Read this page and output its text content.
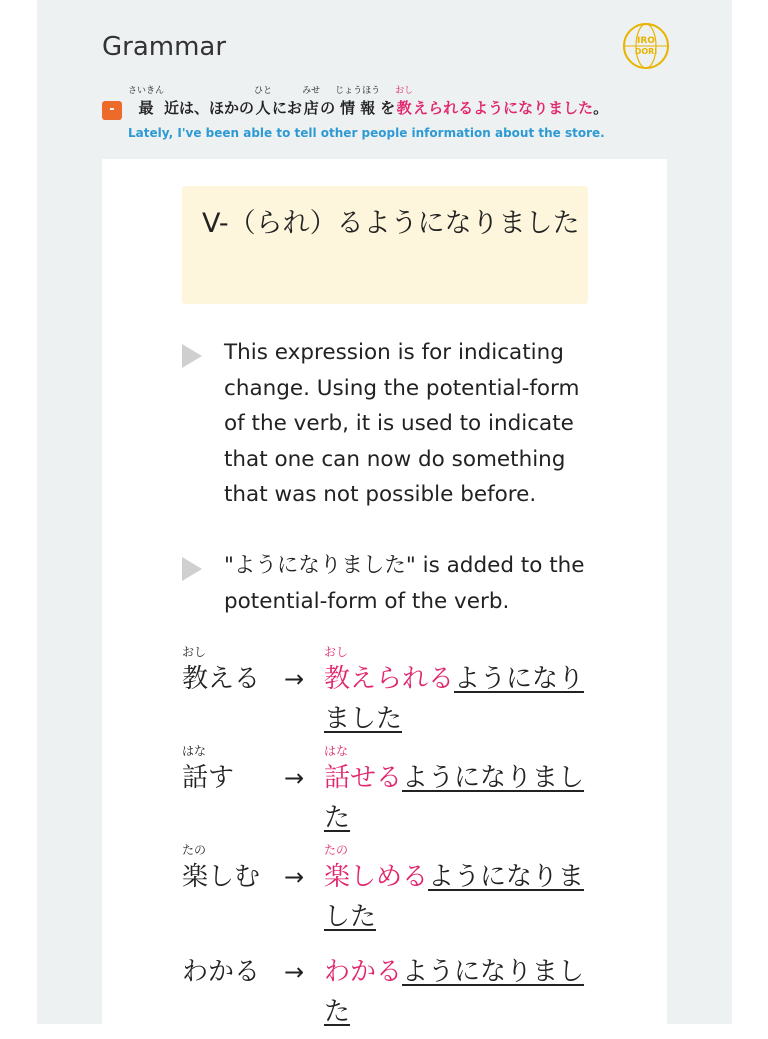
Grammar	IRO
DORI
-
さいきん
最 近は、ほかの
ひと
人 にお
みせ
店 の
じょうほう
情 報 を
おし
教 えられるようになりました 。
Lately, I've been able to tell other people information about the store.
V-（られ）るようになりました
This expression is for indicating change. Using the potential-form of the verb, it is used to indicate that one can now do something that was not possible before.
"ようになりました" is added to the potential-form of the verb.
おし
教える →
おし
教えられるようになりました
はな
話す →
はな
話せるようになりました
たの
楽しむ →
たの
楽しめるようになりました
わかる → わかるようになりました
